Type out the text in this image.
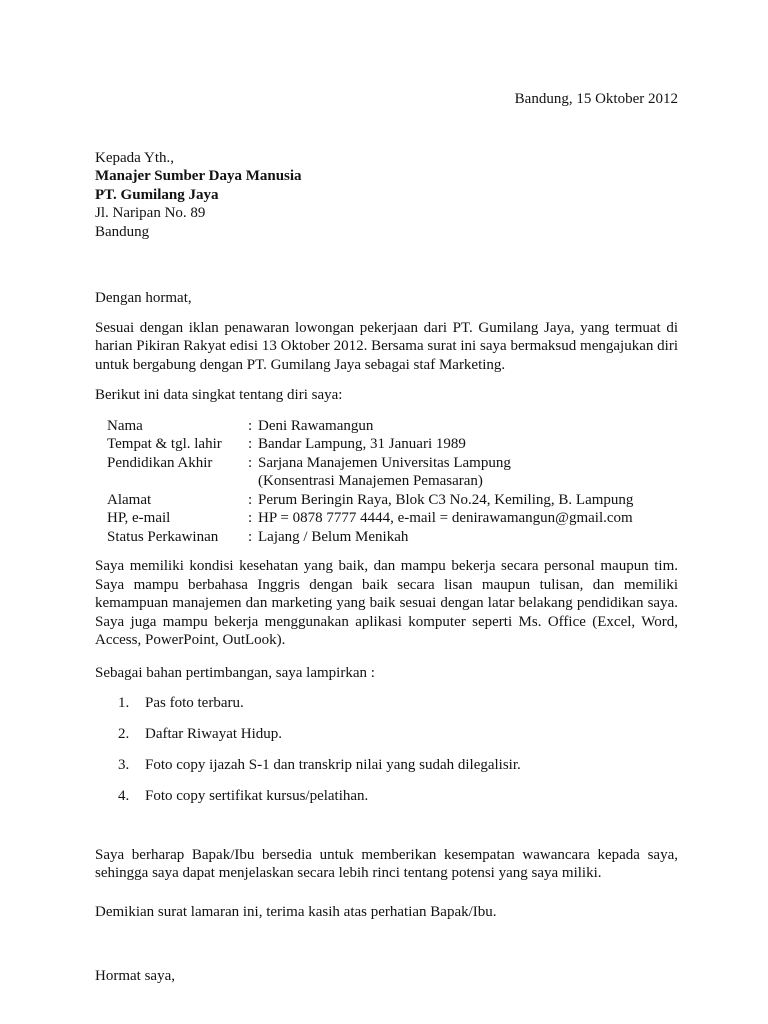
Bandung, 15 Oktober 2012
Kepada Yth.,
Manajer Sumber Daya Manusia
PT. Gumilang Jaya
Jl. Naripan No. 89
Bandung
Dengan hormat,
Sesuai dengan iklan penawaran lowongan pekerjaan dari PT. Gumilang Jaya, yang termuat di harian Pikiran Rakyat edisi 13 Oktober 2012. Bersama surat ini saya bermaksud mengajukan diri untuk bergabung dengan PT. Gumilang Jaya sebagai staf Marketing.
Berikut ini data singkat tentang diri saya:
Nama	: Deni Rawamangun
Tempat & tgl. lahir	: Bandar Lampung, 31 Januari 1989
Pendidikan Akhir	: Sarjana Manajemen Universitas Lampung
(Konsentrasi Manajemen Pemasaran)
Alamat	: Perum Beringin Raya, Blok C3 No.24, Kemiling, B. Lampung
HP, e-mail	: HP = 0878 7777 4444, e-mail = denirawamangun@gmail.com
Status Perkawinan	: Lajang / Belum Menikah
Saya memiliki kondisi kesehatan yang baik, dan mampu bekerja secara personal maupun tim. Saya mampu berbahasa Inggris dengan baik secara lisan maupun tulisan, dan memiliki kemampuan manajemen dan marketing yang baik sesuai dengan latar belakang pendidikan saya. Saya juga mampu bekerja menggunakan aplikasi komputer seperti Ms. Office (Excel, Word, Access, PowerPoint, OutLook).
Sebagai bahan pertimbangan, saya lampirkan :
1.	Pas foto terbaru.
2.	Daftar Riwayat Hidup.
3.	Foto copy ijazah S-1 dan transkrip nilai yang sudah dilegalisir.
4.	Foto copy sertifikat kursus/pelatihan.
Saya berharap Bapak/Ibu bersedia untuk memberikan kesempatan wawancara kepada saya, sehingga saya dapat menjelaskan secara lebih rinci tentang potensi yang saya miliki.
Demikian surat lamaran ini, terima kasih atas perhatian Bapak/Ibu.
Hormat saya,
